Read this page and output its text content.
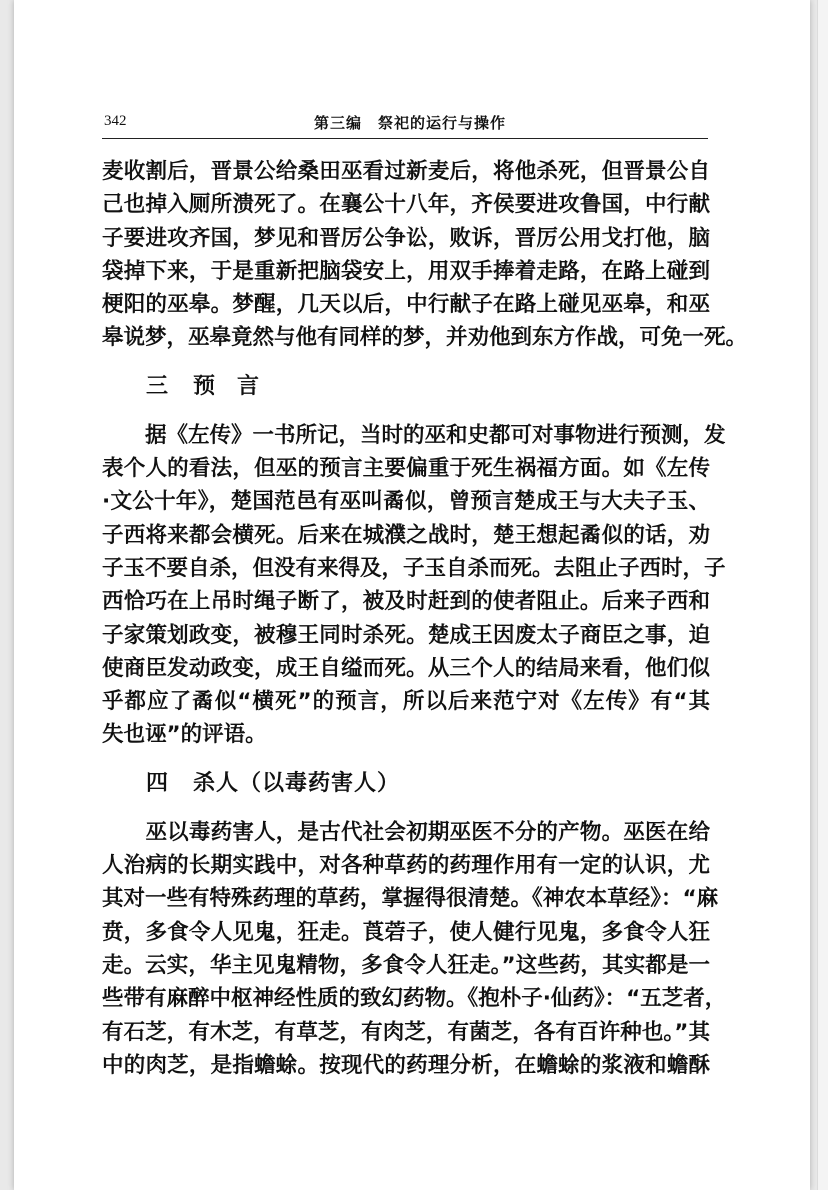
342	第三编　祭祀的运行与操作
麦收割后，晋景公给桑田巫看过新麦后，将他杀死，但晋景公自
己也掉入厕所溃死了。在襄公十八年，齐侯要进攻鲁国，中行献
子要进攻齐国，梦见和晋厉公争讼，败诉，晋厉公用戈打他，脑
袋掉下来，于是重新把脑袋安上，用双手捧着走路，在路上碰到
梗阳的巫皋。梦醒，几天以后，中行献子在路上碰见巫皋，和巫
皋说梦，巫皋竟然与他有同样的梦，并劝他到东方作战，可免一死。
三 预言
　　据《左传》一书所记，当时的巫和史都可对事物进行预测，发
表个人的看法，但巫的预言主要偏重于死生祸福方面。如《左传
·文公十年》，楚国范邑有巫叫矞似，曾预言楚成王与大夫子玉、
子西将来都会横死。后来在城濮之战时，楚王想起矞似的话，劝
子玉不要自杀，但没有来得及，子玉自杀而死。去阻止子西时，子
西恰巧在上吊时绳子断了，被及时赶到的使者阻止。后来子西和
子家策划政变，被穆王同时杀死。楚成王因废太子商臣之事，迫
使商臣发动政变，成王自缢而死。从三个人的结局来看，他们似
乎都应了矞似“横死”的预言，所以后来范宁对《左传》有“其
失也诬”的评语。
四 杀人（以毒药害人）
　　巫以毒药害人，是古代社会初期巫医不分的产物。巫医在给
人治病的长期实践中，对各种草药的药理作用有一定的认识，尤
其对一些有特殊药理的草药，掌握得很清楚。《神农本草经》：“麻
贲，多食令人见鬼，狂走。莨菪子，使人健行见鬼，多食令人狂
走。云实，华主见鬼精物，多食令人狂走。”这些药，其实都是一
些带有麻醉中枢神经性质的致幻药物。《抱朴子·仙药》：“五芝者，
有石芝，有木芝，有草芝，有肉芝，有菌芝，各有百许种也。”其
中的肉芝，是指蟾蜍。按现代的药理分析，在蟾蜍的浆液和蟾酥
